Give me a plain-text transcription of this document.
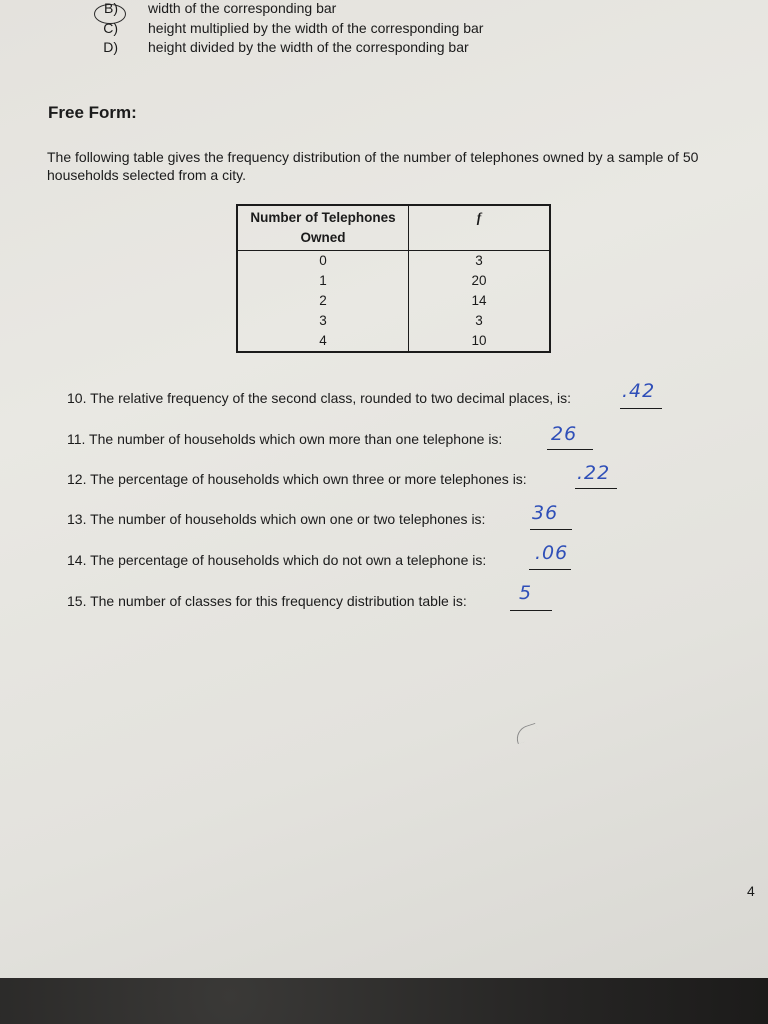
B) width of the corresponding bar
C) height multiplied by the width of the corresponding bar
D) height divided by the width of the corresponding bar
Free Form:
The following table gives the frequency distribution of the number of telephones owned by a sample of 50 households selected from a city.
Number of Telephones Owned	f
0	3
1	20
2	14
3	3
4	10
10. The relative frequency of the second class, rounded to two decimal places, is:	.42
11. The number of households which own more than one telephone is:	26
12. The percentage of households which own three or more telephones is:	.22
13. The number of households which own one or two telephones is: 36
14. The percentage of households which do not own a telephone is:	.06
15. The number of classes for this frequency distribution table is:	5
4
